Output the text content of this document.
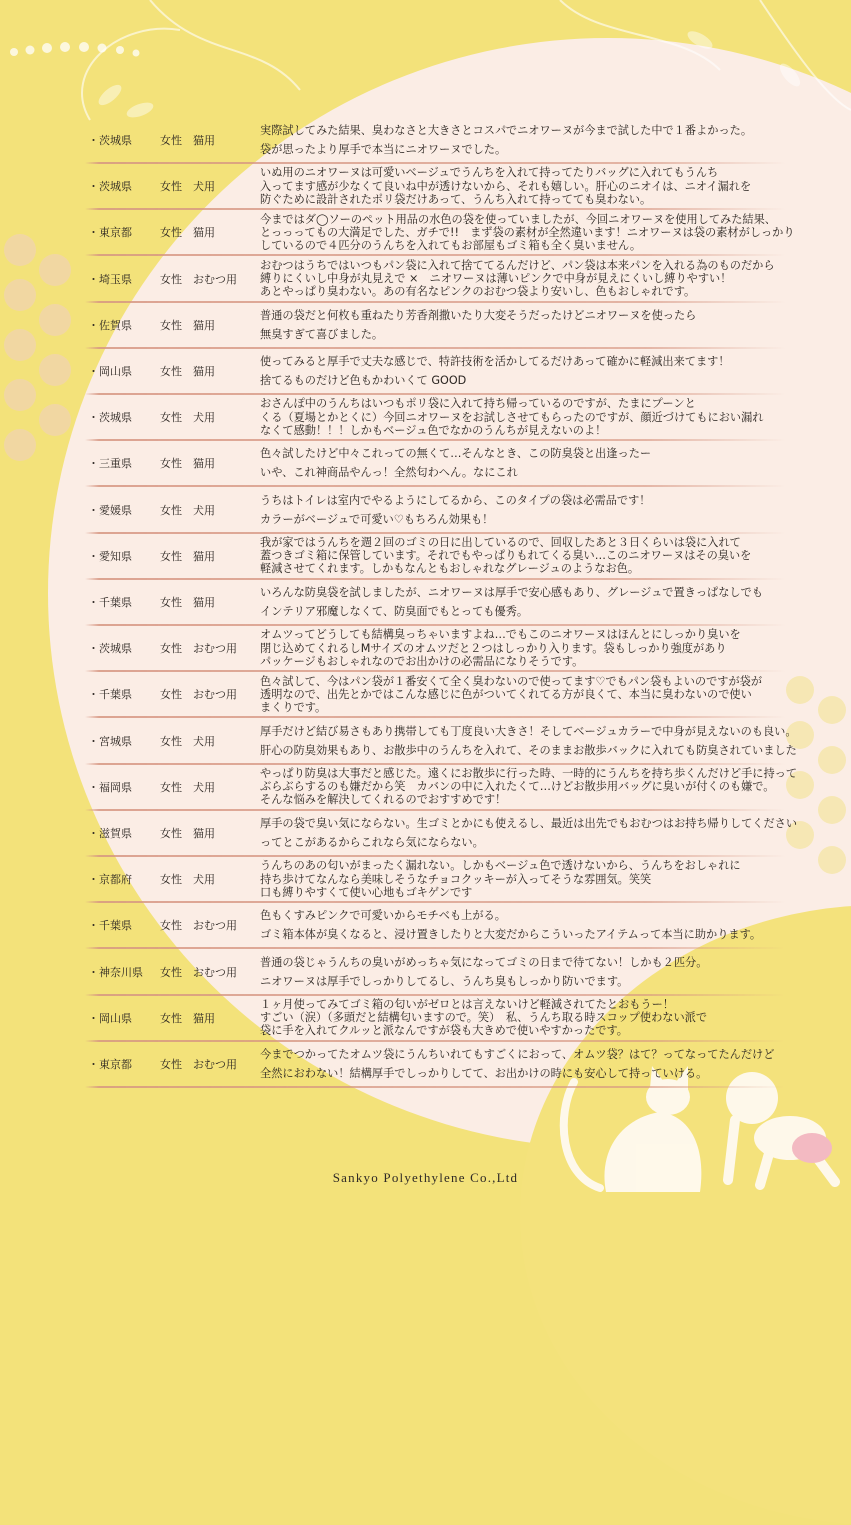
・茨城県	女性	猫用
実際試してみた結果、臭わなさと大きさとコスパでニオワーヌが今まで試した中で１番よかった。
袋が思ったより厚手で本当にニオワーヌでした。
・茨城県	女性	犬用
いぬ用のニオワーヌは可愛いベージュでうんちを入れて持ってたりバッグに入れてもうんち
入ってます感が少なくて良いね中が透けないから、それも嬉しい。肝心のニオイは、ニオイ漏れを
防ぐために設計されたポリ袋だけあって、うんち入れて持ってても臭わない。
・東京都	女性	猫用
今まではダ◯ソーのペット用品の水色の袋を使っていましたが、今回ニオワーヌを使用してみた結果、
とっっってもの大満足でした、ガチで!!　まず袋の素材が全然違います！ニオワーヌは袋の素材がしっかり
しているので４匹分のうんちを入れてもお部屋もゴミ箱も全く臭いません。
・埼玉県	女性	おむつ用
おむつはうちではいつもパン袋に入れて捨ててるんだけど、パン袋は本来パンを入れる為のものだから
縛りにくいし中身が丸見えで ×　ニオワーヌは薄いピンクで中身が見えにくいし縛りやすい！
あとやっぱり臭わない。あの有名なピンクのおむつ袋より安いし、色もおしゃれです。
・佐賀県	女性	猫用
普通の袋だと何枚も重ねたり芳香剤撒いたり大変そうだったけどニオワーヌを使ったら
無臭すぎて喜びました。
・岡山県	女性	猫用
使ってみると厚手で丈夫な感じで、特許技術を活かしてるだけあって確かに軽減出来てます！
捨てるものだけど色もかわいくて GOOD
・茨城県	女性	犬用
おさんぽ中のうんちはいつもポリ袋に入れて持ち帰っているのですが、たまにプーンと
くる（夏場とかとくに）今回ニオワーヌをお試しさせてもらったのですが、顔近づけてもにおい漏れ
なくて感動！！！しかもベージュ色でなかのうんちが見えないのよ！
・三重県	女性	猫用
色々試したけど中々これっての無くて…そんなとき、この防臭袋と出逢ったー
いや、これ神商品やんっ！全然匂わへん。なにこれ
・愛媛県	女性	犬用
うちはトイレは室内でやるようにしてるから、このタイプの袋は必需品です！
カラーがベージュで可愛い♡もちろん効果も！
・愛知県	女性	猫用
我が家ではうんちを週２回のゴミの日に出しているので、回収したあと３日くらいは袋に入れて
蓋つきゴミ箱に保管しています。それでもやっぱりもれてくる臭い…このニオワーヌはその臭いを
軽減させてくれます。しかもなんともおしゃれなグレージュのようなお色。
・千葉県	女性	猫用
いろんな防臭袋を試しましたが、ニオワーヌは厚手で安心感もあり、グレージュで置きっぱなしでも
インテリア邪魔しなくて、防臭面でもとっても優秀。
・茨城県	女性	おむつ用
オムツってどうしても結構臭っちゃいますよね…でもこのニオワーヌはほんとにしっかり臭いを
閉じ込めてくれるしMサイズのオムツだと２つはしっかり入ります。袋もしっかり強度があり
パッケージもおしゃれなのでお出かけの必需品になりそうです。
・千葉県	女性	おむつ用
色々試して、今はパン袋が１番安くて全く臭わないので使ってます♡でもパン袋もよいのですが袋が
透明なので、出先とかではこんな感じに色がついてくれてる方が良くて、本当に臭わないので使い
まくりです。
・宮城県	女性	犬用
厚手だけど結び易さもあり携帯しても丁度良い大きさ！そしてベージュカラーで中身が見えないのも良い。
肝心の防臭効果もあり、お散歩中のうんちを入れて、そのままお散歩バックに入れても防臭されていました
・福岡県	女性	犬用
やっぱり防臭は大事だと感じた。遠くにお散歩に行った時、一時的にうんちを持ち歩くんだけど手に持って
ぶらぶらするのも嫌だから笑　カバンの中に入れたくて…けどお散歩用バッグに臭いが付くのも嫌で。
そんな悩みを解決してくれるのでおすすめです！
・滋賀県	女性	猫用
厚手の袋で臭い気にならない。生ゴミとかにも使えるし、最近は出先でもおむつはお持ち帰りしてください
ってとこがあるからこれなら気にならない。
・京都府	女性	犬用
うんちのあの匂いがまったく漏れない。しかもベージュ色で透けないから、うんちをおしゃれに
持ち歩けてなんなら美味しそうなチョコクッキーが入ってそうな雰囲気。笑笑
口も縛りやすくて使い心地もゴキゲンです
・千葉県	女性	おむつ用
色もくすみピンクで可愛いからモチベも上がる。
ゴミ箱本体が臭くなると、浸け置きしたりと大変だからこういったアイテムって本当に助かります。
・神奈川県	女性	おむつ用
普通の袋じゃうんちの臭いがめっちゃ気になってゴミの日まで待てない！しかも２匹分。
ニオワーヌは厚手でしっかりしてるし、うんち臭もしっかり防いでます。
・岡山県	女性	猫用
１ヶ月使ってみてゴミ箱の匂いがゼロとは言えないけど軽減されてたとおもうー！
すごい（涙）（多頭だと結構匂いますので。笑）　私、うんち取る時スコップ使わない派で
袋に手を入れてクルッと派なんですが袋も大きめで使いやすかったです。
・東京都	女性	おむつ用
今までつかってたオムツ袋にうんちいれてもすごくにおって、オムツ袋？はて？ってなってたんだけど
全然におわない！結構厚手でしっかりしてて、お出かけの時にも安心して持っていける。
Sankyo Polyethylene Co.,Ltd
